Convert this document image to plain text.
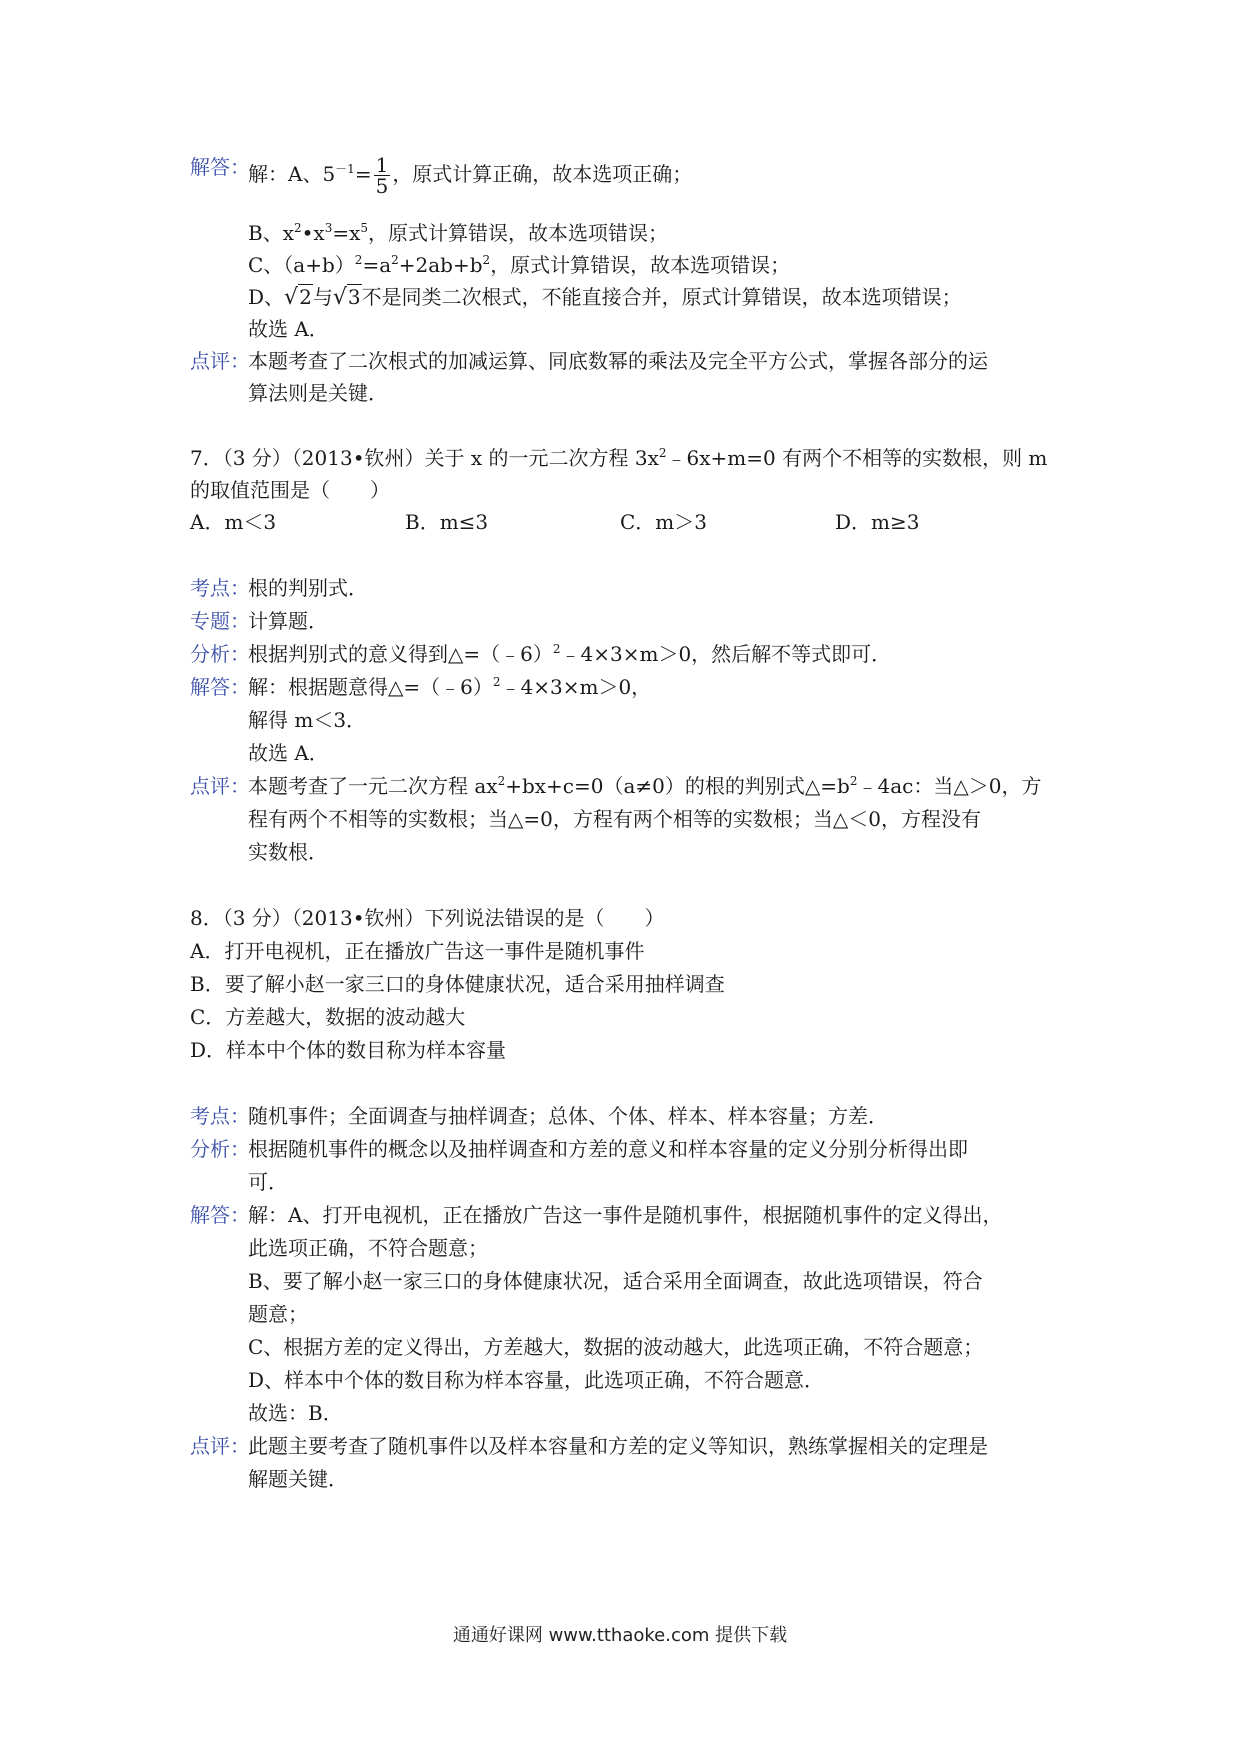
解答：
解：A、$5^{-1}= \frac{1}{5}$ ，原式计算正确，故本选项正确；
B、$x^2•x^3=x^5$，原式计算错误，故本选项错误；
C、$(a+b)^2=a^2+2ab+b^2$，原式计算错误，故本选项错误；
D、√2与√3不是同类二次根式，不能直接合并，原式计算错误，故本选项错误；
故选 A．
点评：
本题考查了二次根式的加减运算、同底数幂的乘法及完全平方公式，掌握各部分的运
算法则是关键．
7．（3 分）（2013•钦州）关于 x 的一元二次方程 $3x^2﹣6x+m=0$ 有两个不相等的实数根，则 m
的取值范围是（　　）
A．m＜3	B．m≤3	C．m＞3	D．m≥3
考点：
根的判别式．
专题：
计算题．
分析：
根据判别式的意义得到△=（﹣6）$^2$﹣4×3×m＞0，然后解不等式即可．
解答：
解：根据题意得△=（﹣6）$^2$﹣4×3×m＞0，
解得 m＜3．
故选 A．
点评：
本题考查了一元二次方程 $ax^2+bx+c=0(a\ne 0)$的根的判别式$\triangle=b^2﹣4ac$：当△＞0，方
程有两个不相等的实数根；当△=0，方程有两个相等的实数根；当△＜0，方程没有
实数根．
8．（3 分）（2013•钦州）下列说法错误的是（　　）
A．打开电视机，正在播放广告这一事件是随机事件
B．要了解小赵一家三口的身体健康状况，适合采用抽样调查
C．方差越大，数据的波动越大
D．样本中个体的数目称为样本容量
考点：
随机事件；全面调查与抽样调查；总体、个体、样本、样本容量；方差．
分析：
根据随机事件的概念以及抽样调查和方差的意义和样本容量的定义分别分析得出即
可．
解答：
解：A、打开电视机，正在播放广告这一事件是随机事件，根据随机事件的定义得出，
此选项正确，不符合题意；
B、要了解小赵一家三口的身体健康状况，适合采用全面调查，故此选项错误，符合
题意；
C、根据方差的定义得出，方差越大，数据的波动越大，此选项正确，不符合题意；
D、样本中个体的数目称为样本容量，此选项正确，不符合题意．
故选：B．
点评：
此题主要考查了随机事件以及样本容量和方差的定义等知识，熟练掌握相关的定理是
解题关键．
通通好课网 www.tthaoke.com 提供下载
